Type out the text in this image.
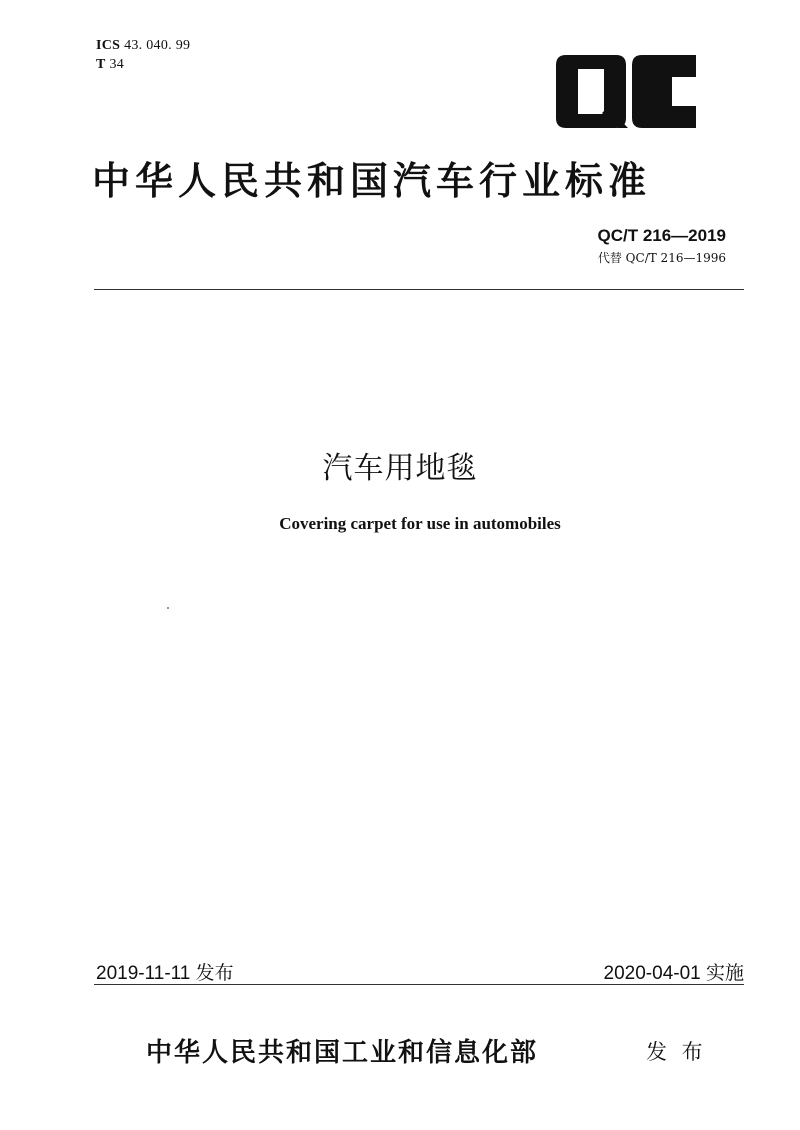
ICS 43. 040. 99
T 34
中华人民共和国汽车行业标准
QC/T 216—2019
代替 QC/T 216—1996
汽车用地毯
Covering carpet for use in automobiles
2019-11-11 发布	2020-04-01 实施
中华人民共和国工业和信息化部	发 布
